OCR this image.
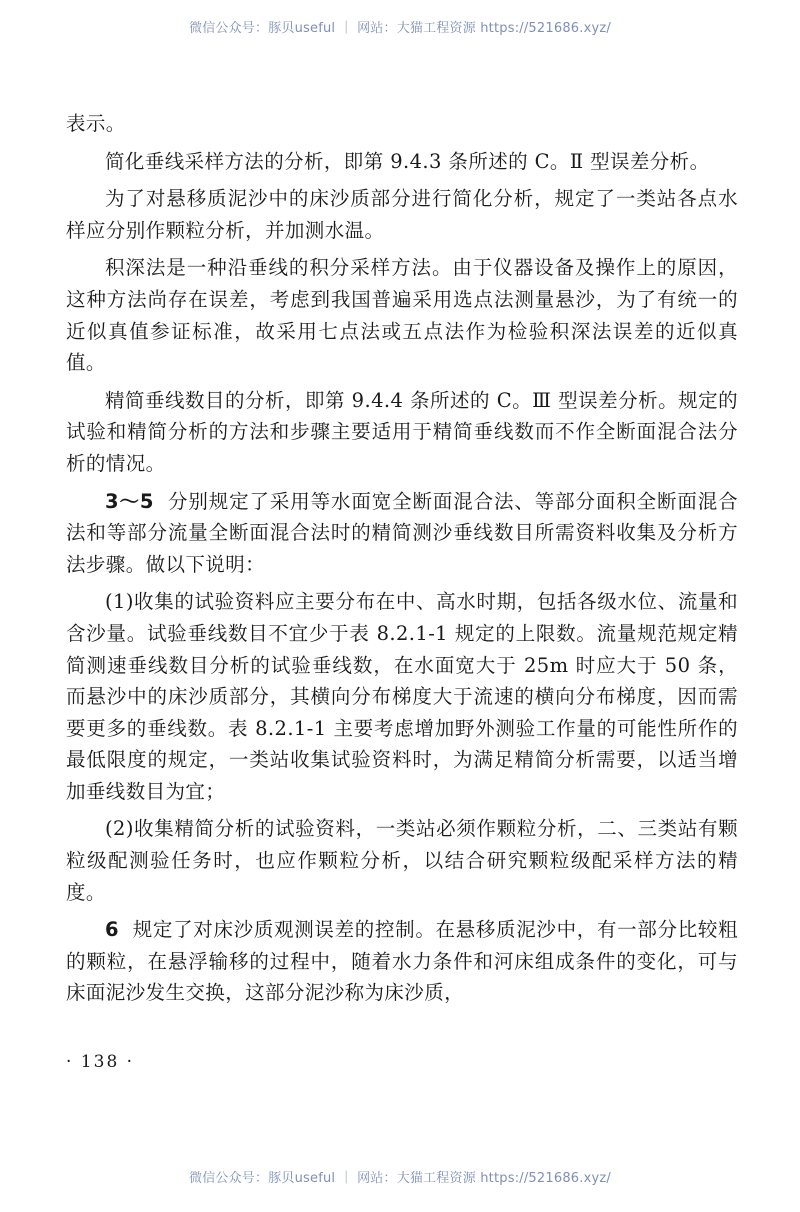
微信公众号：豚贝useful ｜ 网站：大猫工程资源 https://521686.xyz/

表示。

简化垂线采样方法的分析，即第 9.4.3 条所述的 C。Ⅱ 型误差分析。

为了对悬移质泥沙中的床沙质部分进行简化分析，规定了一类站各点水样应分别作颗粒分析，并加测水温。

积深法是一种沿垂线的积分采样方法。由于仪器设备及操作上的原因，这种方法尚存在误差，考虑到我国普遍采用选点法测量悬沙，为了有统一的近似真值参证标准，故采用七点法或五点法作为检验积深法误差的近似真值。

精简垂线数目的分析，即第 9.4.4 条所述的 C。Ⅲ 型误差分析。规定的试验和精简分析的方法和步骤主要适用于精简垂线数而不作全断面混合法分析的情况。

3～5 分别规定了采用等水面宽全断面混合法、等部分面积全断面混合法和等部分流量全断面混合法时的精简测沙垂线数目所需资料收集及分析方法步骤。做以下说明：

(1)收集的试验资料应主要分布在中、高水时期，包括各级水位、流量和含沙量。试验垂线数目不宜少于表 8.2.1-1 规定的上限数。流量规范规定精简测速垂线数目分析的试验垂线数，在水面宽大于 25m 时应大于 50 条，而悬沙中的床沙质部分，其横向分布梯度大于流速的横向分布梯度，因而需要更多的垂线数。表 8.2.1-1 主要考虑增加野外测验工作量的可能性所作的最低限度的规定，一类站收集试验资料时，为满足精简分析需要，以适当增加垂线数目为宜；

(2)收集精简分析的试验资料，一类站必须作颗粒分析，二、三类站有颗粒级配测验任务时，也应作颗粒分析，以结合研究颗粒级配采样方法的精度。

6 规定了对床沙质观测误差的控制。在悬移质泥沙中，有一部分比较粗的颗粒，在悬浮输移的过程中，随着水力条件和河床组成条件的变化，可与床面泥沙发生交换，这部分泥沙称为床沙质，

· 138 ·
微信公众号：豚贝useful ｜ 网站：大猫工程资源 https://521686.xyz/
